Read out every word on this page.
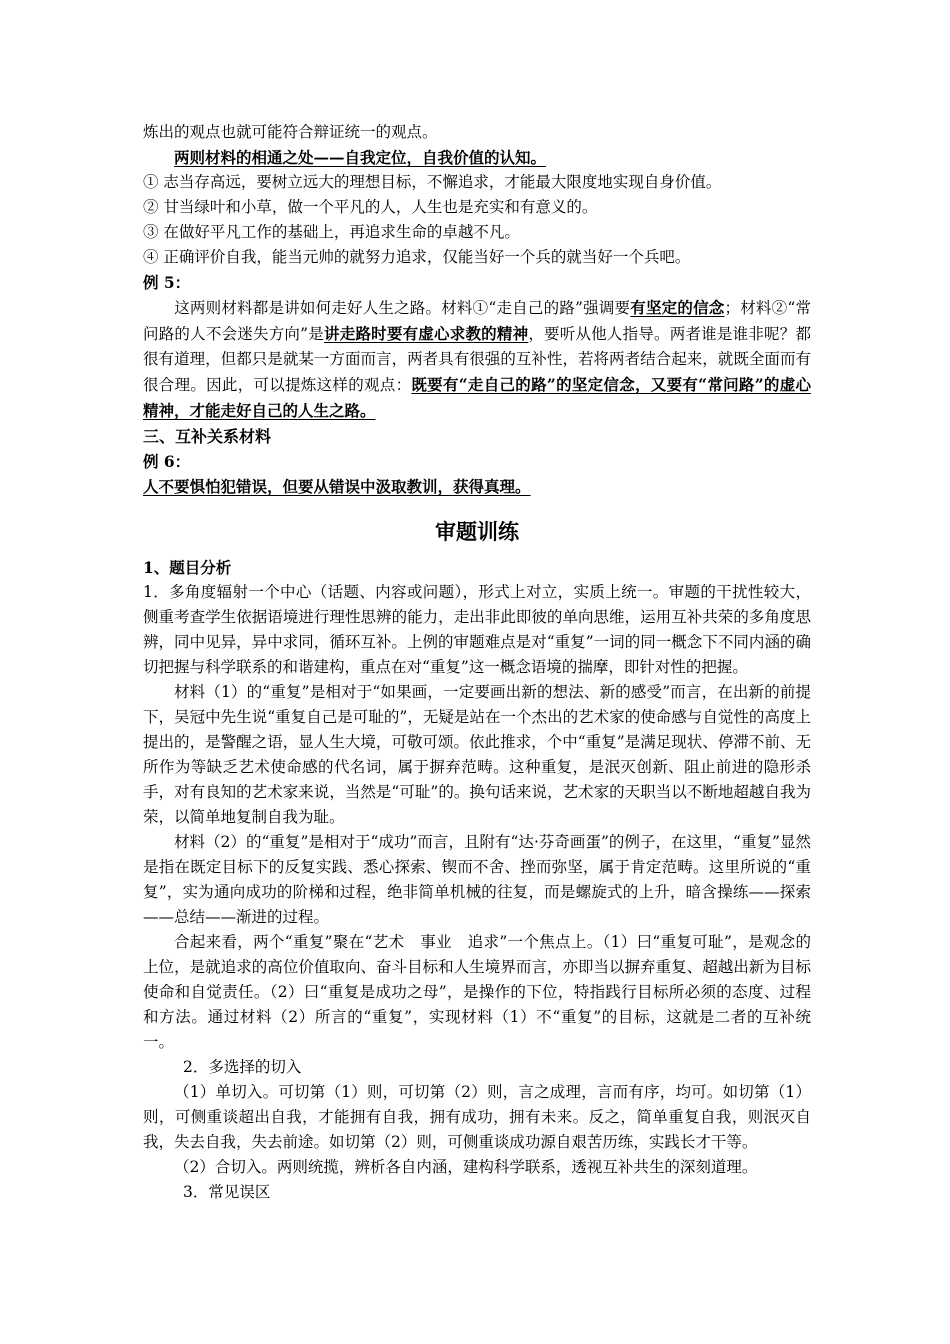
炼出的观点也就可能符合辩证统一的观点。

两则材料的相通之处——自我定位，自我价值的认知。

① 志当存高远，要树立远大的理想目标，不懈追求，才能最大限度地实现自身价值。

② 甘当绿叶和小草，做一个平凡的人，人生也是充实和有意义的。

③ 在做好平凡工作的基础上，再追求生命的卓越不凡。

④ 正确评价自我，能当元帅的就努力追求，仅能当好一个兵的就当好一个兵吧。

例 5：

这两则材料都是讲如何走好人生之路。材料①“走自己的路”强调要有坚定的信念；材料②“常问路的人不会迷失方向”是讲走路时要有虚心求教的精神，要听从他人指导。两者谁是谁非呢？都很有道理，但都只是就某一方面而言，两者具有很强的互补性，若将两者结合起来，就既全面而有很合理。因此，可以提炼这样的观点：既要有“走自己的路”的坚定信念，又要有“常问路”的虚心精神，才能走好自己的人生之路。

三、互补关系材料

例 6：

人不要惧怕犯错误，但要从错误中汲取教训，获得真理。

审题训练

1、题目分析

1．多角度辐射一个中心（话题、内容或问题），形式上对立，实质上统一。审题的干扰性较大，侧重考查学生依据语境进行理性思辨的能力，走出非此即彼的单向思维，运用互补共荣的多角度思辨，同中见异，异中求同，循环互补。上例的审题难点是对“重复”一词的同一概念下不同内涵的确切把握与科学联系的和谐建构，重点在对“重复”这一概念语境的揣摩，即针对性的把握。

材料（1）的“重复”是相对于“如果画，一定要画出新的想法、新的感受”而言，在出新的前提下，吴冠中先生说“重复自己是可耻的”，无疑是站在一个杰出的艺术家的使命感与自觉性的高度上提出的，是警醒之语，显人生大境，可敬可颂。依此推求，个中“重复”是满足现状、停滞不前、无所作为等缺乏艺术使命感的代名词，属于摒弃范畴。这种重复，是泯灭创新、阻止前进的隐形杀手，对有良知的艺术家来说，当然是“可耻”的。换句话来说，艺术家的天职当以不断地超越自我为荣，以简单地复制自我为耻。

材料（2）的“重复”是相对于“成功”而言，且附有“达·芬奇画蛋”的例子，在这里，“重复”显然是指在既定目标下的反复实践、悉心探索、锲而不舍、挫而弥坚，属于肯定范畴。这里所说的“重复”，实为通向成功的阶梯和过程，绝非简单机械的往复，而是螺旋式的上升，暗含操练——探索——总结——渐进的过程。

合起来看，两个“重复”聚在“艺术　事业　追求”一个焦点上。（1）曰“重复可耻”，是观念的上位，是就追求的高位价值取向、奋斗目标和人生境界而言，亦即当以摒弃重复、超越出新为目标使命和自觉责任。（2）曰“重复是成功之母”，是操作的下位，特指践行目标所必须的态度、过程和方法。通过材料（2）所言的“重复”，实现材料（1）不“重复”的目标，这就是二者的互补统一。

2．多选择的切入

（1）单切入。可切第（1）则，可切第（2）则，言之成理，言而有序，均可。如切第（1）则，可侧重谈超出自我，才能拥有自我，拥有成功，拥有未来。反之，简单重复自我，则泯灭自我，失去自我，失去前途。如切第（2）则，可侧重谈成功源自艰苦历练，实践长才干等。

（2）合切入。两则统揽，辨析各自内涵，建构科学联系，透视互补共生的深刻道理。

3．常见误区
